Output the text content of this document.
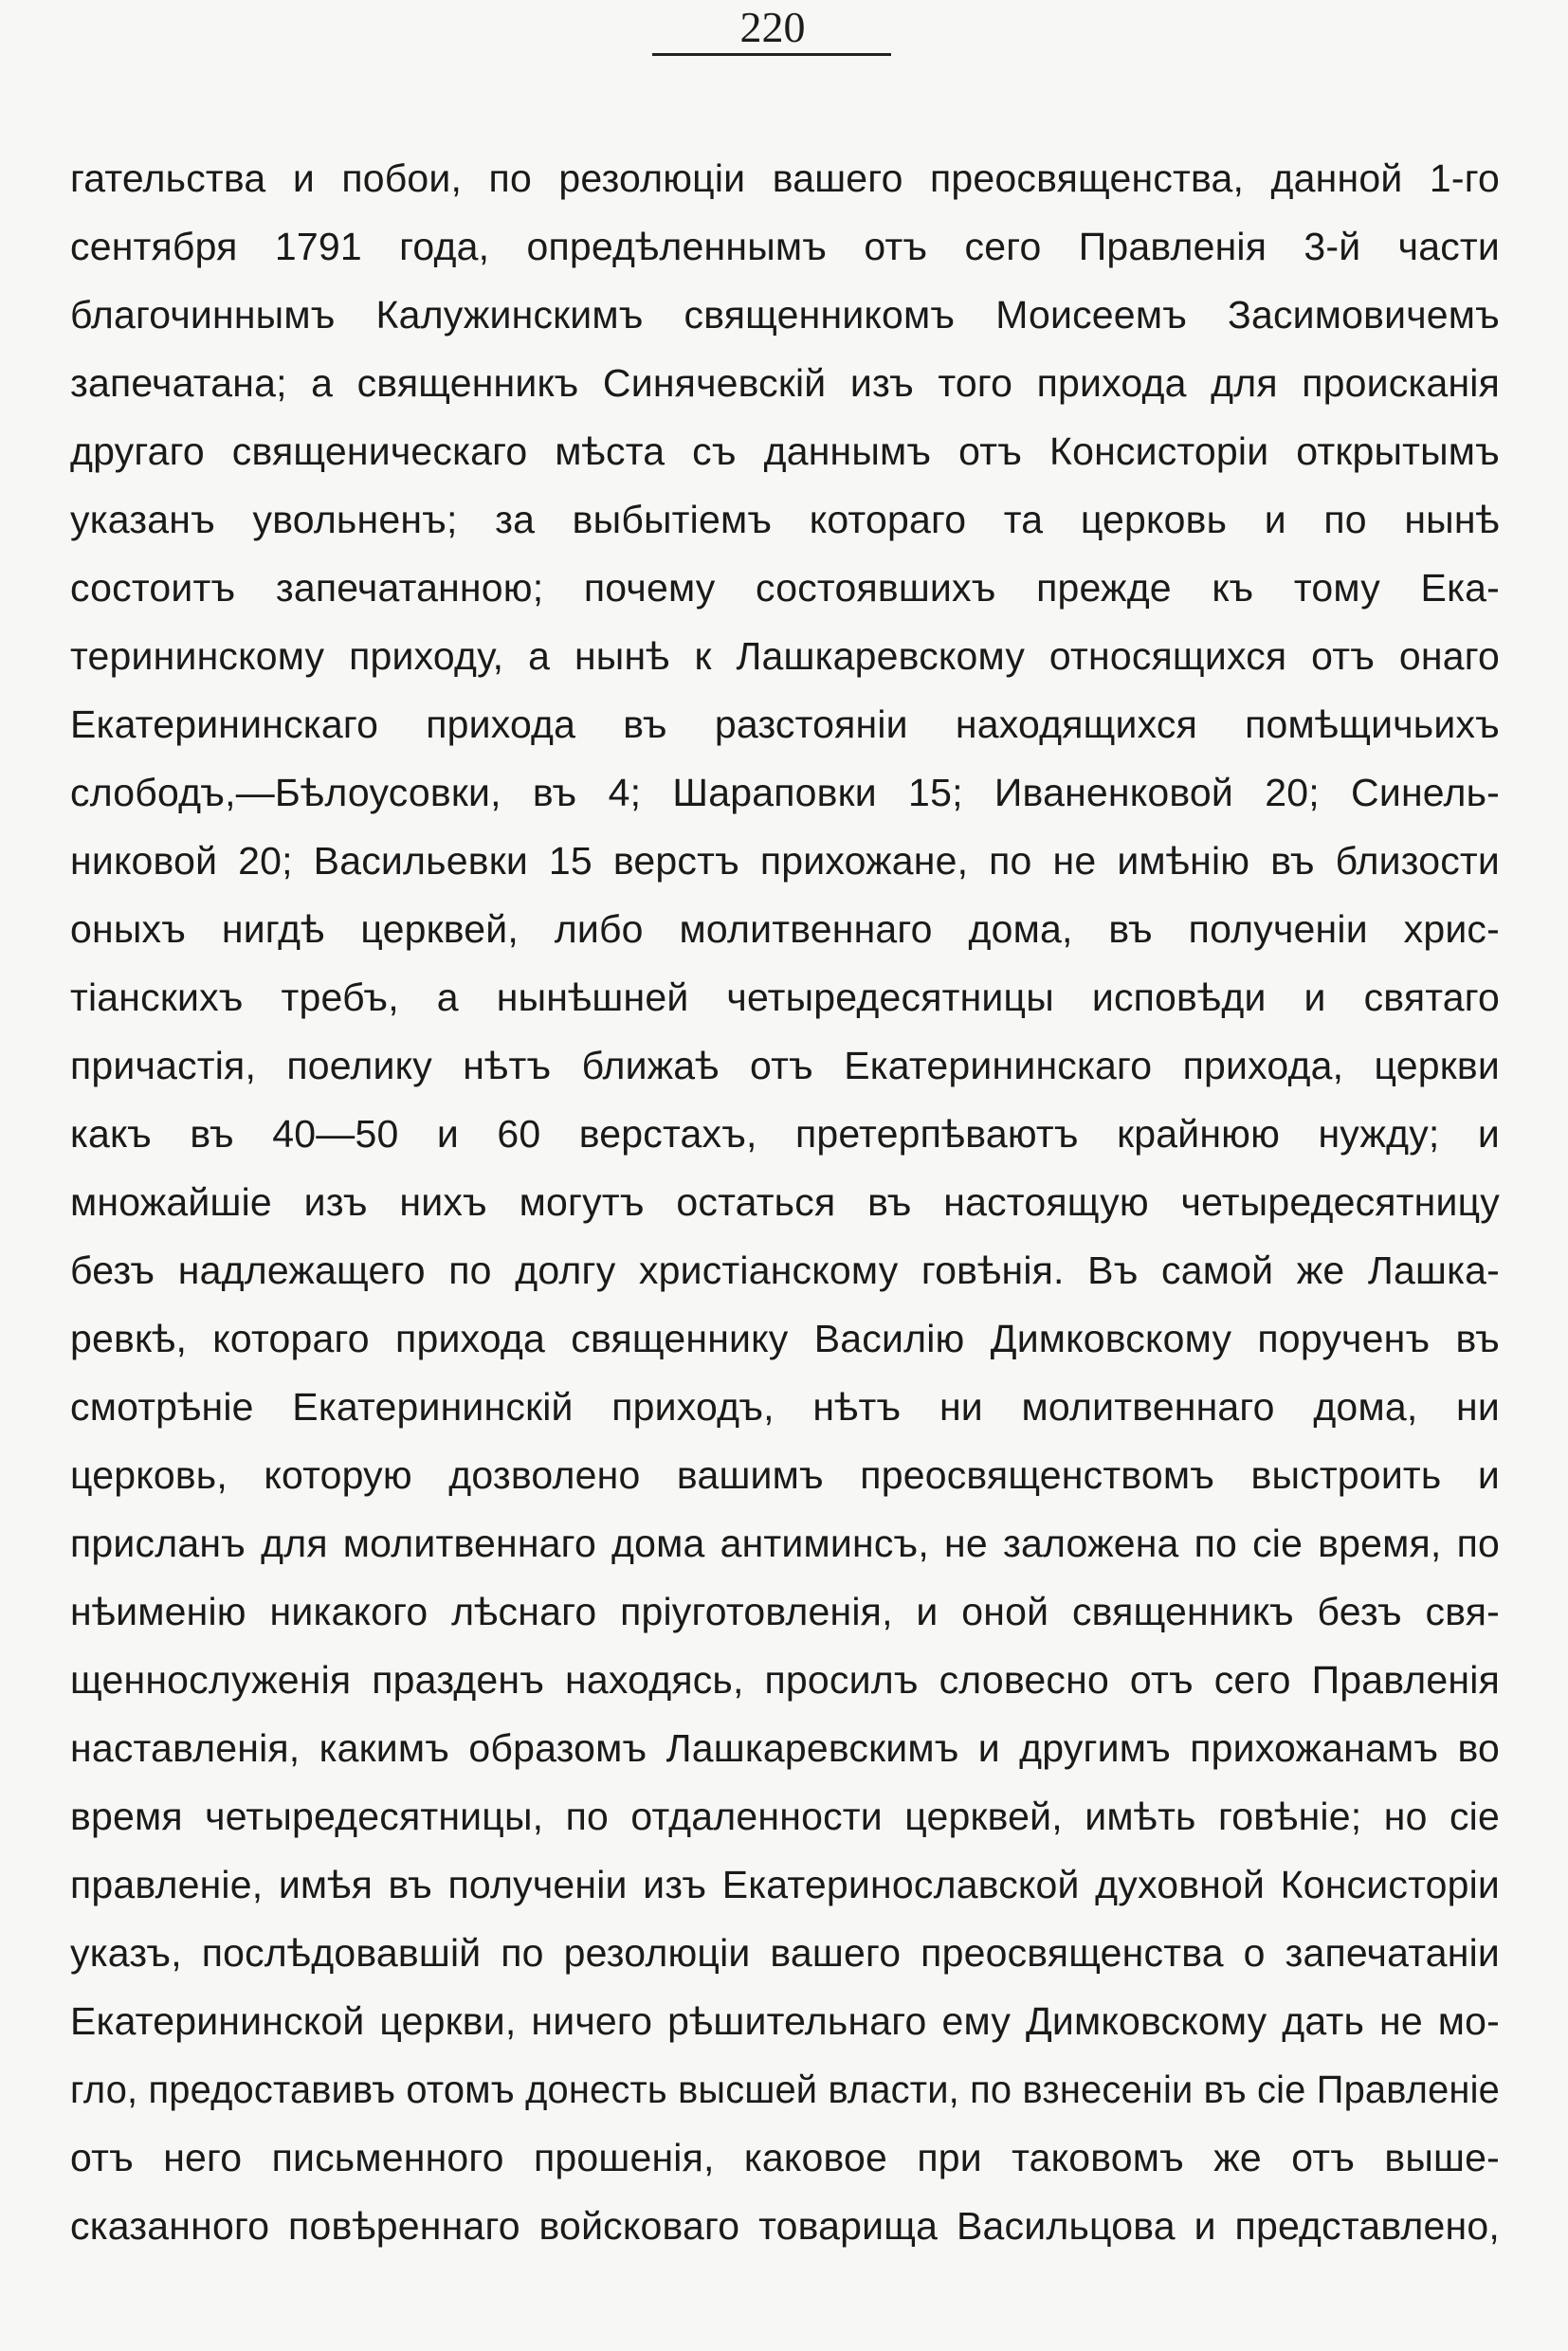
220
гательства и побои, по резолюціи вашего преосвященства, данной 1-го
сентября 1791 года, опредѣленнымъ отъ сего Правленія 3-й части
благочиннымъ Калужинскимъ священникомъ Моисеемъ Засимовичемъ
запечатана; а священникъ Синячевскій изъ того прихода для происканія
другаго священическаго мѣста съ даннымъ отъ Консисторіи открытымъ
указанъ увольненъ; за выбытіемъ котораго та церковь и по нынѣ
состоитъ запечатанною; почему состоявшихъ прежде къ тому Ека-
терининскому приходу, а нынѣ к Лашкаревскому относящихся отъ онаго
Екатерининскаго прихода въ разстояніи находящихся помѣщичьихъ
слободъ,—Бѣлоусовки, въ 4; Шараповки 15; Иваненковой 20; Синель-
никовой 20; Васильевки 15 верстъ прихожане, по не имѣнію въ близости
оныхъ нигдѣ церквей, либо молитвеннаго дома, въ полученіи хрис-
тіанскихъ требъ, а нынѣшней четыредесятницы исповѣди и святаго
причастія, поелику нѣтъ ближаѣ отъ Екатерининскаго прихода, церкви
какъ въ 40—50 и 60 верстахъ, претерпѣваютъ крайнюю нужду; и
множайшіе изъ нихъ могутъ остаться въ настоящую четыредесятницу
безъ надлежащего по долгу христіанскому говѣнія. Въ самой же Лашка-
ревкѣ, котораго прихода священнику Василію Димковскому порученъ въ
смотрѣніе Екатерининскій приходъ, нѣтъ ни молитвеннаго дома, ни
церковь, которую дозволено вашимъ преосвященствомъ выстроить и
присланъ для молитвеннаго дома антиминсъ, не заложена по сіе время, по
нѣименію никакого лѣснаго пріуготовленія, и оной священникъ безъ свя-
щеннослуженія празденъ находясь, просилъ словесно отъ сего Правленія
наставленія, какимъ образомъ Лашкаревскимъ и другимъ прихожанамъ во
время четыредесятницы, по отдаленности церквей, имѣть говѣніе; но сіе
правленіе, имѣя въ полученіи изъ Екатеринославской духовной Консисторіи
указъ, послѣдовавшій по резолюціи вашего преосвященства о запечатаніи
Екатерининской церкви, ничего рѣшительнаго ему Димковскому дать не мо-
гло, предоставивъ отомъ донесть высшей власти, по взнесеніи въ сіе Правленіе
отъ него письменного прошенія, каковое при таковомъ же отъ выше-
сказанного повѣреннаго войсковаго товарища Васильцова и представлено,
